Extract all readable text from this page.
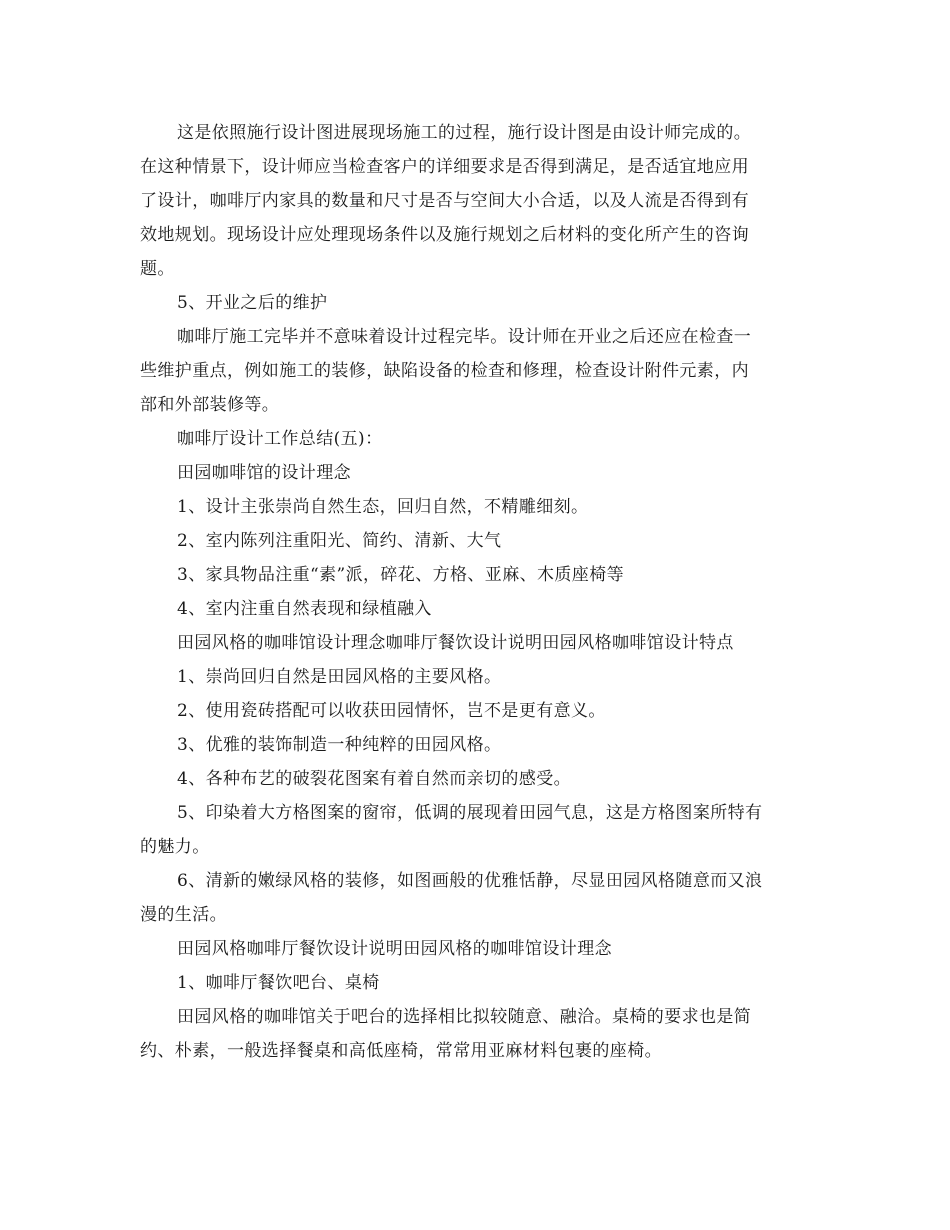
这是依照施行设计图进展现场施工的过程，施行设计图是由设计师完成的。
在这种情景下，设计师应当检查客户的详细要求是否得到满足，是否适宜地应用
了设计，咖啡厅内家具的数量和尺寸是否与空间大小合适，以及人流是否得到有
效地规划。现场设计应处理现场条件以及施行规划之后材料的变化所产生的咨询
题。
5、开业之后的维护
咖啡厅施工完毕并不意味着设计过程完毕。设计师在开业之后还应在检查一
些维护重点，例如施工的装修，缺陷设备的检查和修理，检查设计附件元素，内
部和外部装修等。
咖啡厅设计工作总结(五)：
田园咖啡馆的设计理念
1、设计主张崇尚自然生态，回归自然，不精雕细刻。
2、室内陈列注重阳光、简约、清新、大气
3、家具物品注重“素”派，碎花、方格、亚麻、木质座椅等
4、室内注重自然表现和绿植融入
田园风格的咖啡馆设计理念咖啡厅餐饮设计说明田园风格咖啡馆设计特点
1、崇尚回归自然是田园风格的主要风格。
2、使用瓷砖搭配可以收获田园情怀，岂不是更有意义。
3、优雅的装饰制造一种纯粹的田园风格。
4、各种布艺的破裂花图案有着自然而亲切的感受。
5、印染着大方格图案的窗帘，低调的展现着田园气息，这是方格图案所特有
的魅力。
6、清新的嫩绿风格的装修，如图画般的优雅恬静，尽显田园风格随意而又浪
漫的生活。
田园风格咖啡厅餐饮设计说明田园风格的咖啡馆设计理念
1、咖啡厅餐饮吧台、桌椅
田园风格的咖啡馆关于吧台的选择相比拟较随意、融洽。桌椅的要求也是简
约、朴素，一般选择餐桌和高低座椅，常常用亚麻材料包裹的座椅。
